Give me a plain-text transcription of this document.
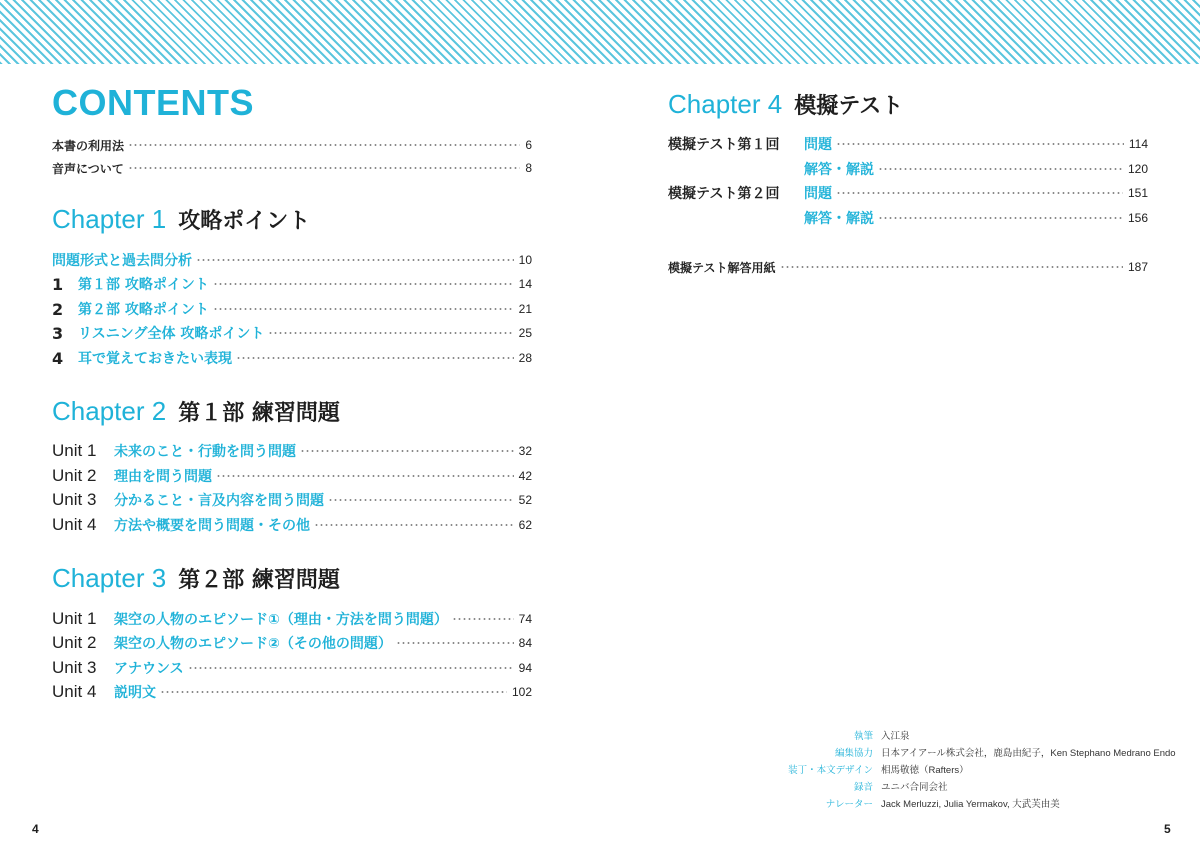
CONTENTS
本書の利用法	6
音声について	8
Chapter 1 攻略ポイント
問題形式と過去問分析	10
1	第１部 攻略ポイント	14
2	第２部 攻略ポイント	21
3	リスニング全体 攻略ポイント	25
4	耳で覚えておきたい表現	28
Chapter 2 第１部 練習問題
Unit 1	未来のこと・行動を問う問題	32
Unit 2	理由を問う問題	42
Unit 3	分かること・言及内容を問う問題	52
Unit 4	方法や概要を問う問題・その他	62
Chapter 3 第２部 練習問題
Unit 1	架空の人物のエピソード①（理由・方法を問う問題）	74
Unit 2	架空の人物のエピソード②（その他の問題）	84
Unit 3	アナウンス	94
Unit 4	説明文	102
4
Chapter 4 模擬テスト
模擬テスト第１回	問題	114
解答・解説	120
模擬テスト第２回	問題	151
解答・解説	156
模擬テスト解答用紙	187
執筆 入江泉
編集協力 日本アイアール株式会社，鹿島由紀子，Ken Stephano Medrano Endo
装丁・本文デザイン 相馬敬徳（Rafters）
録音 ユニバ合同会社
ナレーター Jack Merluzzi, Julia Yermakov, 大武芙由美
5
